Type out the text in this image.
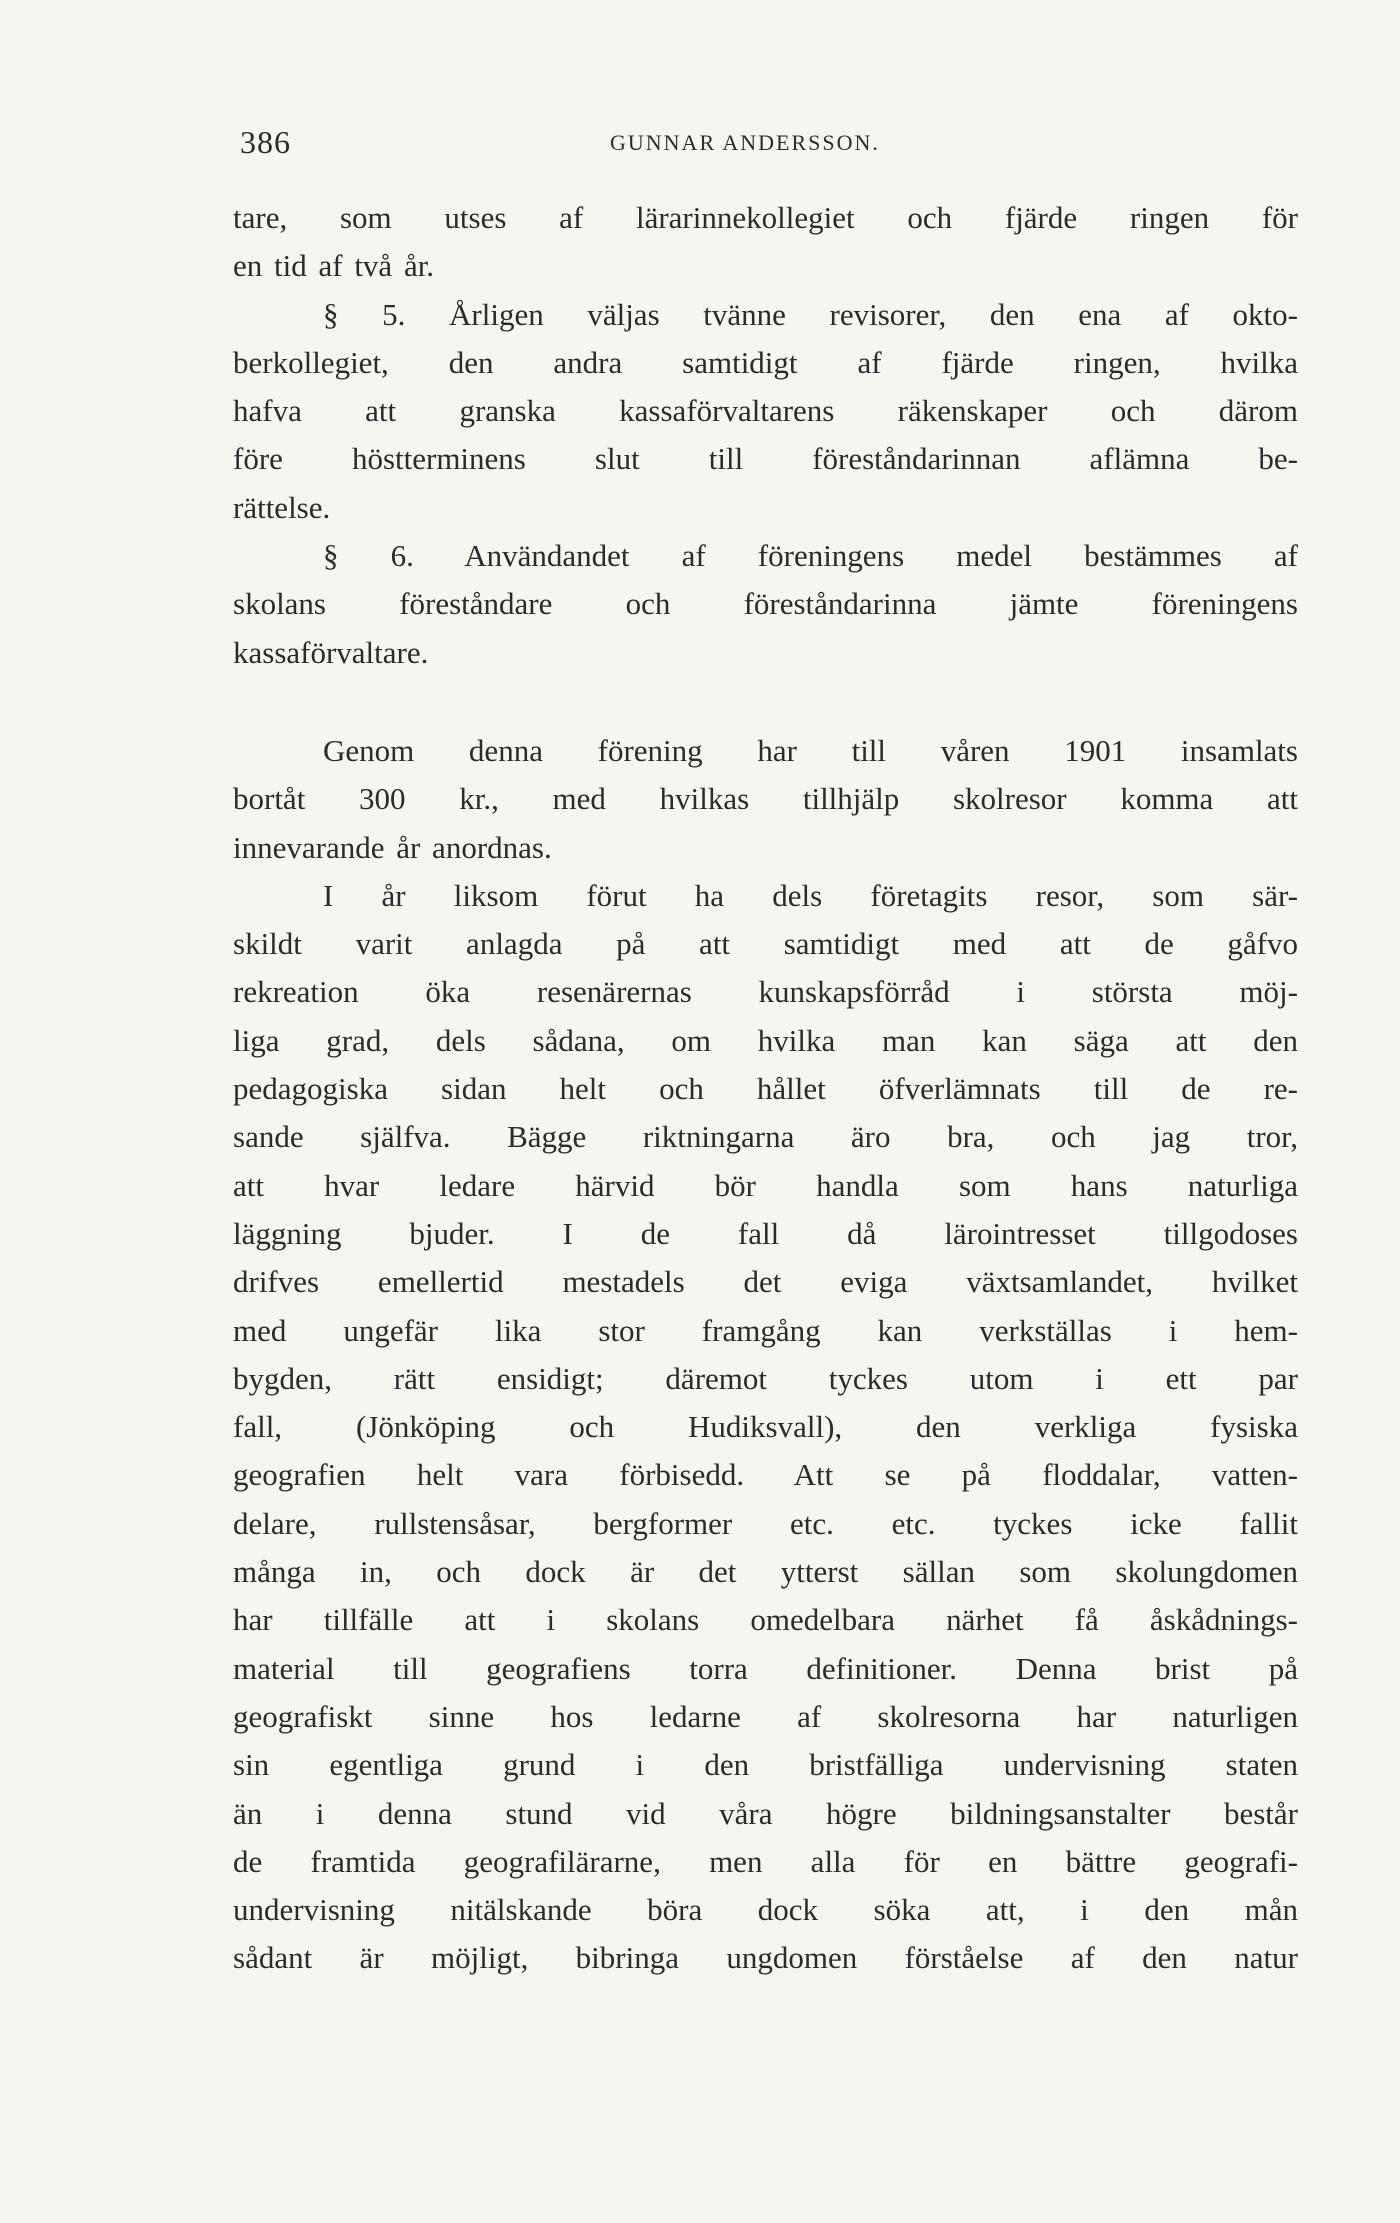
386	GUNNAR ANDERSSON.
tare, som utses af lärarinnekollegiet och fjärde ringen för
en tid af två år.
§ 5. Årligen väljas tvänne revisorer, den ena af okto-
berkollegiet, den andra samtidigt af fjärde ringen, hvilka
hafva att granska kassaförvaltarens räkenskaper och därom
före höstterminens slut till föreståndarinnan aflämna be-
rättelse.
§ 6. Användandet af föreningens medel bestämmes af
skolans föreståndare och föreståndarinna jämte föreningens
kassaförvaltare.
Genom denna förening har till våren 1901 insamlats
bortåt 300 kr., med hvilkas tillhjälp skolresor komma att
innevarande år anordnas.
I år liksom förut ha dels företagits resor, som sär-
skildt varit anlagda på att samtidigt med att de gåfvo
rekreation öka resenärernas kunskapsförråd i största möj-
liga grad, dels sådana, om hvilka man kan säga att den
pedagogiska sidan helt och hållet öfverlämnats till de re-
sande själfva. Bägge riktningarna äro bra, och jag tror,
att hvar ledare härvid bör handla som hans naturliga
läggning bjuder. I de fall då lärointresset tillgodoses
drifves emellertid mestadels det eviga växtsamlandet, hvilket
med ungefär lika stor framgång kan verkställas i hem-
bygden, rätt ensidigt; däremot tyckes utom i ett par
fall, (Jönköping och Hudiksvall), den verkliga fysiska
geografien helt vara förbisedd. Att se på floddalar, vatten-
delare, rullstensåsar, bergformer etc. etc. tyckes icke fallit
många in, och dock är det ytterst sällan som skolungdomen
har tillfälle att i skolans omedelbara närhet få åskådnings-
material till geografiens torra definitioner. Denna brist på
geografiskt sinne hos ledarne af skolresorna har naturligen
sin egentliga grund i den bristfälliga undervisning staten
än i denna stund vid våra högre bildningsanstalter består
de framtida geografilärarne, men alla för en bättre geografi-
undervisning nitälskande böra dock söka att, i den mån
sådant är möjligt, bibringa ungdomen förståelse af den natur
